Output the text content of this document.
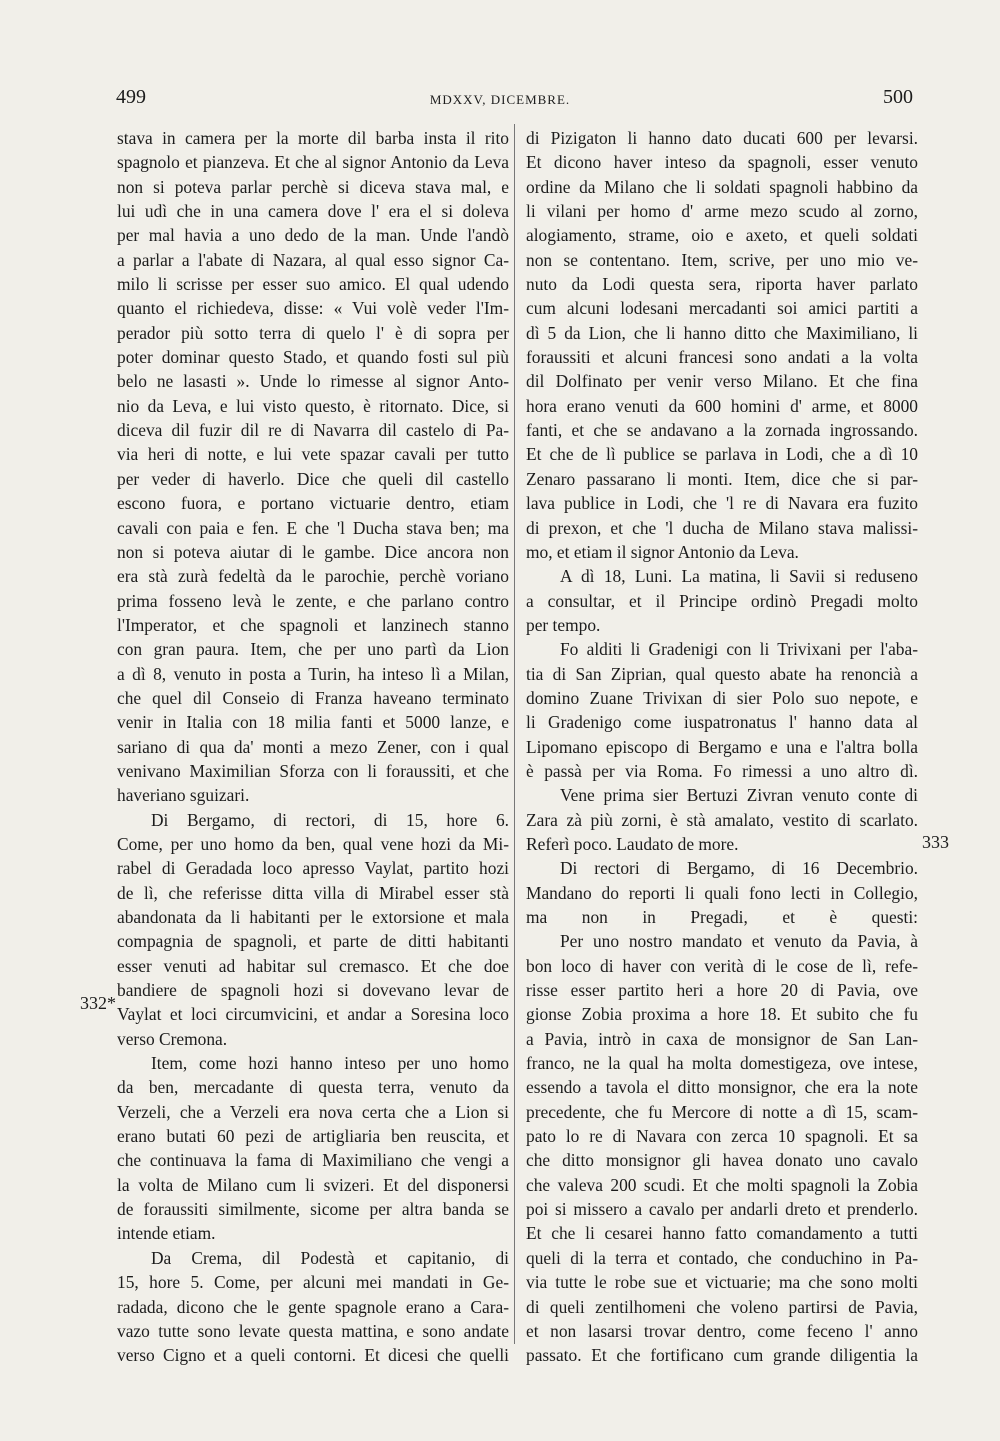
499	MDXXV, DICEMBRE.	500
stava in camera per la morte dil barba insta il rito
spagnolo et pianzeva. Et che al signor Antonio da Leva
non si poteva parlar perchè si diceva stava mal, e
lui udì che in una camera dove l' era el si doleva
per mal havia a uno dedo de la man. Unde l'andò
a parlar a l'abate di Nazara, al qual esso signor Ca-
milo li scrisse per esser suo amico. El qual udendo
quanto el richiedeva, disse: « Vui volè veder l'Im-
perador più sotto terra di quelo l' è di sopra per
poter dominar questo Stado, et quando fosti sul più
belo ne lasasti ». Unde lo rimesse al signor Anto-
nio da Leva, e lui visto questo, è ritornato. Dice, si
diceva dil fuzir dil re di Navarra dil castelo di Pa-
via heri di notte, e lui vete spazar cavali per tutto
per veder di haverlo. Dice che queli dil castello
escono fuora, e portano victuarie dentro, etiam
cavali con paia e fen. E che 'l Ducha stava ben; ma
non si poteva aiutar di le gambe. Dice ancora non
era stà zurà fedeltà da le parochie, perchè voriano
prima fosseno levà le zente, e che parlano contro
l'Imperator, et che spagnoli et lanzinech stanno
con gran paura. Item, che per uno partì da Lion
a dì 8, venuto in posta a Turin, ha inteso lì a Milan,
che quel dil Conseio di Franza haveano terminato
venir in Italia con 18 milia fanti et 5000 lanze, e
sariano di qua da' monti a mezo Zener, con i qual
venivano Maximilian Sforza con li foraussiti, et che
haveriano sguizari.
Di Bergamo, di rectori, di 15, hore 6.
Come, per uno homo da ben, qual vene hozi da Mi-
rabel di Geradada loco apresso Vaylat, partito hozi
de lì, che referisse ditta villa di Mirabel esser stà
abandonata da li habitanti per le extorsione et mala
compagnia de spagnoli, et parte de ditti habitanti
esser venuti ad habitar sul cremasco. Et che doe
bandiere de spagnoli hozi si dovevano levar de
Vaylat et loci circumvicini, et andar a Soresina loco
verso Cremona.
Item, come hozi hanno inteso per uno homo
da ben, mercadante di questa terra, venuto da
Verzeli, che a Verzeli era nova certa che a Lion si
erano butati 60 pezi de artigliaria ben reuscita, et
che continuava la fama di Maximiliano che vengi a
la volta de Milano cum li svizeri. Et del disponersi
de foraussiti similmente, sicome per altra banda se
intende etiam.
Da Crema, dil Podestà et capitanio, di
15, hore 5. Come, per alcuni mei mandati in Ge-
radada, dicono che le gente spagnole erano a Cara-
vazo tutte sono levate questa mattina, e sono andate
verso Cigno et a queli contorni. Et dicesi che quelli
di Pizigaton li hanno dato ducati 600 per levarsi.
Et dicono haver inteso da spagnoli, esser venuto
ordine da Milano che li soldati spagnoli habbino da
li vilani per homo d' arme mezo scudo al zorno,
alogiamento, strame, oio e axeto, et queli soldati
non se contentano. Item, scrive, per uno mio ve-
nuto da Lodi questa sera, riporta haver parlato
cum alcuni lodesani mercadanti soi amici partiti a
dì 5 da Lion, che li hanno ditto che Maximiliano, li
foraussiti et alcuni francesi sono andati a la volta
dil Dolfinato per venir verso Milano. Et che fina
hora erano venuti da 600 homini d' arme, et 8000
fanti, et che se andavano a la zornada ingrossando.
Et che de lì publice se parlava in Lodi, che a dì 10
Zenaro passarano li monti. Item, dice che si par-
lava publice in Lodi, che 'l re di Navara era fuzito
di prexon, et che 'l ducha de Milano stava malissi-
mo, et etiam il signor Antonio da Leva.
A dì 18, Luni. La matina, li Savii si reduseno
a consultar, et il Principe ordinò Pregadi molto
per tempo.
Fo alditi li Gradenigi con li Trivixani per l'aba-
tia di San Ziprian, qual questo abate ha renoncià a
domino Zuane Trivixan di sier Polo suo nepote, e
li Gradenigo come iuspatronatus l' hanno data al
Lipomano episcopo di Bergamo e una e l'altra bolla
è passà per via Roma. Fo rimessi a uno altro dì.
Vene prima sier Bertuzi Zivran venuto conte di
Zara zà più zorni, è stà amalato, vestito di scarlato.
Referì poco. Laudato de more.
Di rectori di Bergamo, di 16 Decembrio.
Mandano do reporti li quali fono lecti in Collegio,
ma non in Pregadi, et è questi:
Per uno nostro mandato et venuto da Pavia, à
bon loco di haver con verità di le cose de lì, refe-
risse esser partito heri a hore 20 di Pavia, ove
gionse Zobia proxima a hore 18. Et subito che fu
a Pavia, intrò in caxa de monsignor de San Lan-
franco, ne la qual ha molta domestigeza, ove intese,
essendo a tavola el ditto monsignor, che era la note
precedente, che fu Mercore di notte a dì 15, scam-
pato lo re di Navara con zerca 10 spagnoli. Et sa
che ditto monsignor gli havea donato uno cavalo
che valeva 200 scudi. Et che molti spagnoli la Zobia
poi si missero a cavalo per andarli dreto et prenderlo.
Et che li cesarei hanno fatto comandamento a tutti
queli di la terra et contado, che conduchino in Pa-
via tutte le robe sue et victuarie; ma che sono molti
di queli zentilhomeni che voleno partirsi de Pavia,
et non lasarsi trovar dentro, come feceno l' anno
passato. Et che fortificano cum grande diligentia la
332*
333
